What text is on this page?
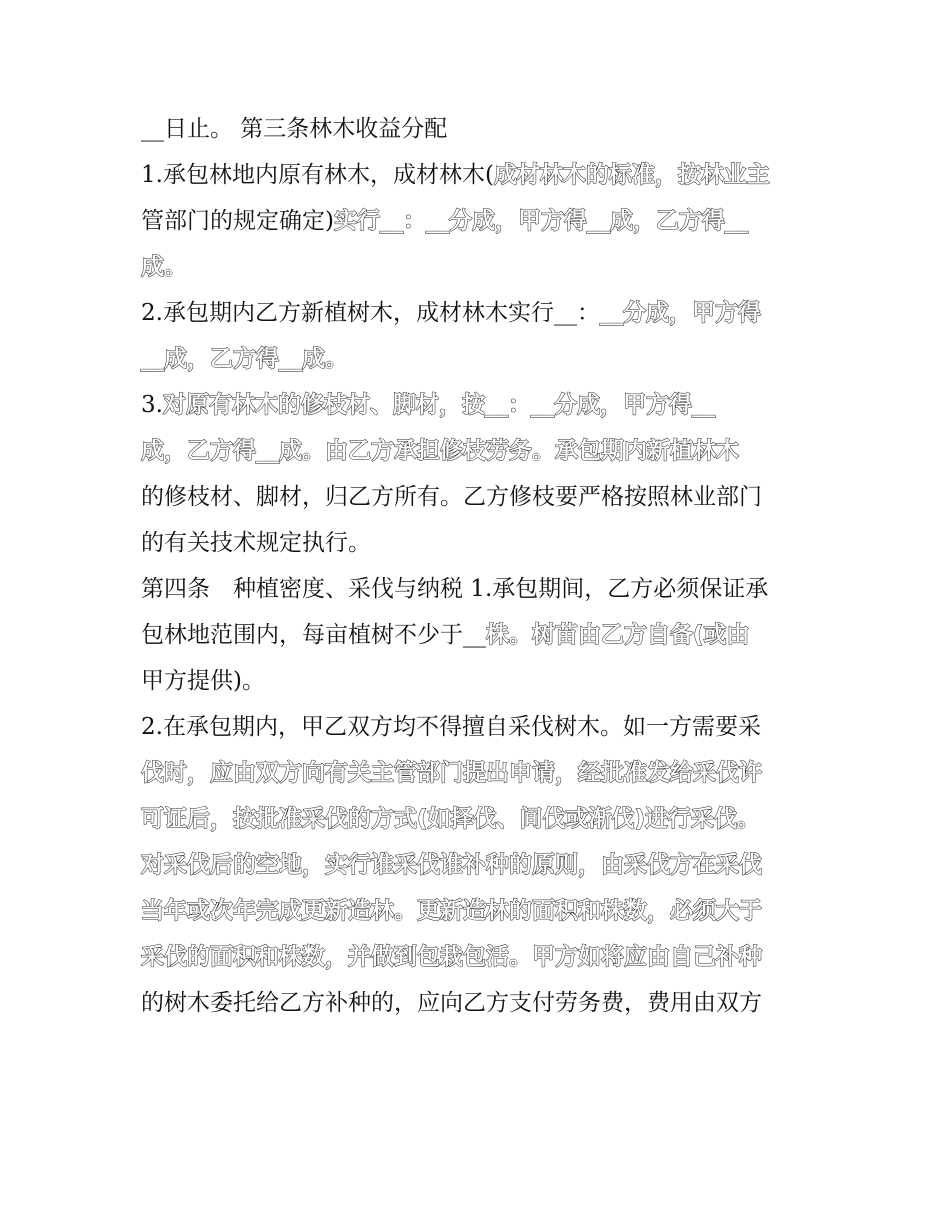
__日止。 第三条林木收益分配
1.承包林地内原有林木，成材林木(成材林木的标准，按林业主
管部门的规定确定)实行__：__分成，甲方得__成，乙方得__
成。
2.承包期内乙方新植树木，成材林木实行__：__分成，甲方得
__成，乙方得__成。
3.对原有林木的修枝材、脚材，按__：__分成，甲方得__
成，乙方得__成。由乙方承担修枝劳务。承包期内新植林木
的修枝材、脚材，归乙方所有。乙方修枝要严格按照林业部门
的有关技术规定执行。
第四条　种植密度、采伐与纳税 1.承包期间，乙方必须保证承
包林地范围内，每亩植树不少于__株。树苗由乙方自备(或由
甲方提供)。
2.在承包期内，甲乙双方均不得擅自采伐树木。如一方需要采
伐时，应由双方向有关主管部门提出申请，经批准发给采伐许
可证后，按批准采伐的方式(如择伐、间伐或渐伐)进行采伐。
对采伐后的空地，实行谁采伐谁补种的原则，由采伐方在采伐
当年或次年完成更新造林。更新造林的面积和株数，必须大于
采伐的面积和株数，并做到包栽包活。甲方如将应由自己补种
的树木委托给乙方补种的，应向乙方支付劳务费，费用由双方
